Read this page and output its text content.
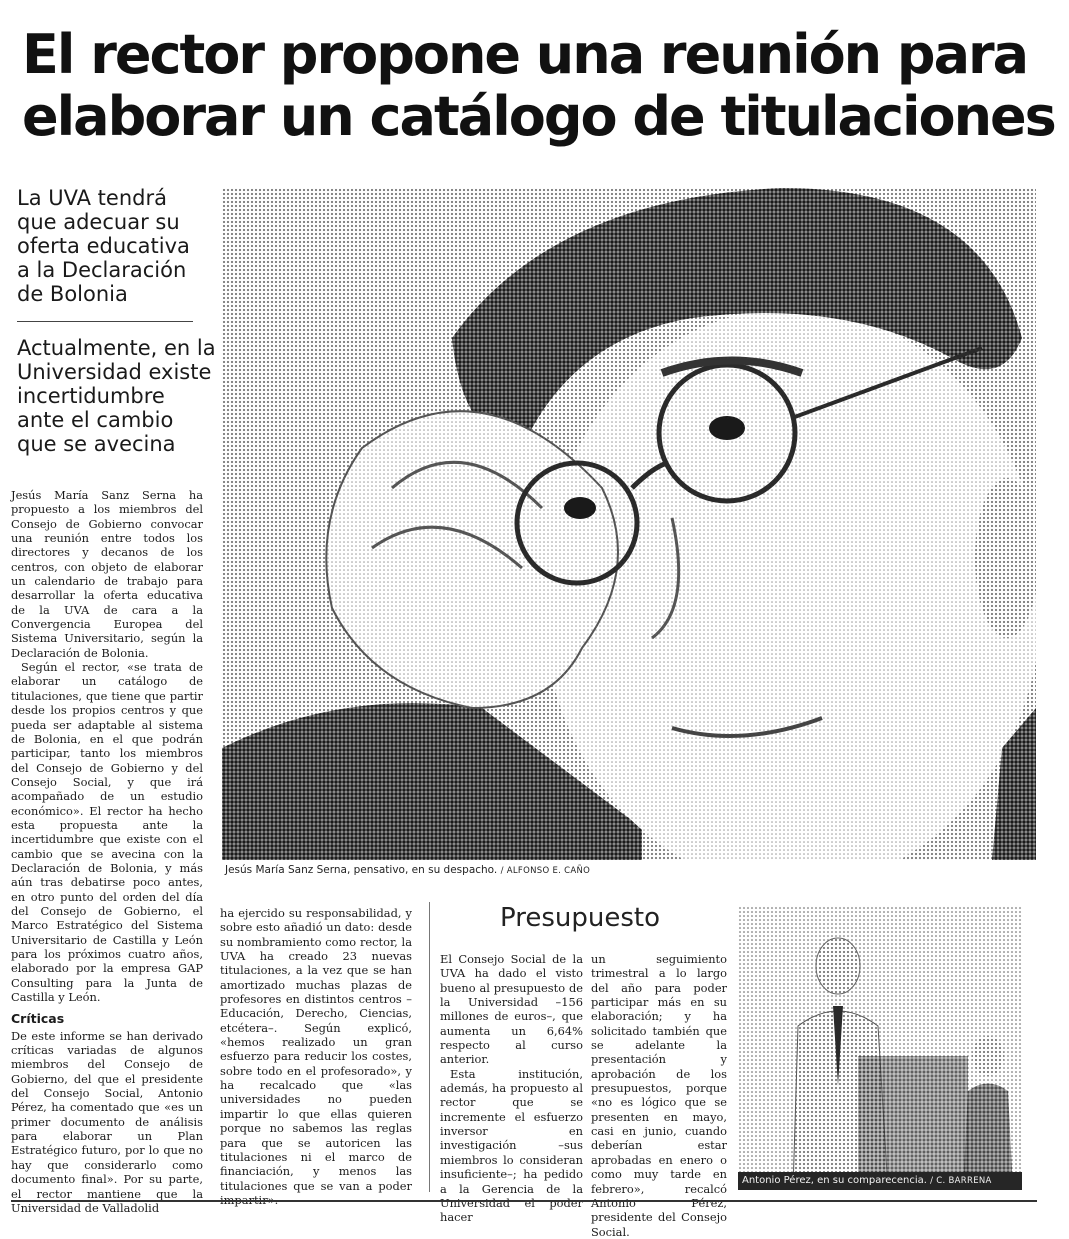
El rector propone una reunión para
elaborar un catálogo de titulaciones
La UVA tendrá que adecuar su oferta educativa a la Declaración de Bolonia
Actualmente, en la Universidad existe incertidumbre ante el cambio que se avecina

Jesús María Sanz Serna ha propuesto a los miembros del Consejo de Gobierno convocar una reunión entre todos los directores y decanos de los centros, con objeto de elaborar un calendario de trabajo para desarrollar la oferta educativa de la UVA de cara a la Convergencia Europea del Sistema Universitario, según la Declaración de Bolonia.

Según el rector, «se trata de elaborar un catálogo de titulaciones, que tiene que partir desde los propios centros y que pueda ser adaptable al sistema de Bolonia, en el que podrán participar, tanto los miembros del Consejo de Gobierno y del Consejo Social, y que irá acompañado de un estudio económico». El rector ha hecho esta propuesta ante la incertidumbre que existe con el cambio que se avecina con la Declaración de Bolonia, y más aún tras debatirse poco antes, en otro punto del orden del día del Consejo de Gobierno, el Marco Estratégico del Sistema Universitario de Castilla y León para los próximos cuatro años, elaborado por la empresa GAP Consulting para la Junta de Castilla y León.

Críticas

De este informe se han derivado críticas variadas de algunos miembros del Consejo de Gobierno, del que el presidente del Consejo Social, Antonio Pérez, ha comentado que «es un primer documento de análisis para elaborar un Plan Estratégico futuro, por lo que no hay que considerarlo como documento final». Por su parte, el rector mantiene que la Universidad de Valladolid

ha ejercido su responsabilidad, y sobre esto añadió un dato: desde su nombramiento como rector, la UVA ha creado 23 nuevas titulaciones, a la vez que se han amortizado muchas plazas de profesores en distintos centros –Educación, Derecho, Ciencias, etcétera–. Según explicó, «hemos realizado un gran esfuerzo para reducir los costes, sobre todo en el profesorado», y ha recalcado que «las universidades no pueden impartir lo que ellas quieren porque no sabemos las reglas para que se autoricen las titulaciones ni el marco de financiación, y menos las titulaciones que se van a poder impartir».

Presupuesto

El Consejo Social de la UVA ha dado el visto bueno al presupuesto de la Universidad –156 millones de euros–, que aumenta un 6,64% respecto al curso anterior.

Esta institución, además, ha propuesto al rector que se incremente el esfuerzo inversor en investigación –sus miembros lo consideran insuficiente–; ha pedido a la Gerencia de la Universidad el poder hacer

un seguimiento trimestral a lo largo del año para poder participar más en su elaboración; y ha solicitado también que se adelante la presentación y aprobación de los presupuestos, porque «no es lógico que se presenten en mayo, casi en junio, cuando deberían estar aprobadas en enero o como muy tarde en febrero», recalcó Antonio Pérez, presidente del Consejo Social.

Jesús María Sanz Serna, pensativo, en su despacho. / ALFONSO E. CAÑO
Antonio Pérez, en su comparecencia. / C. BARRENA
